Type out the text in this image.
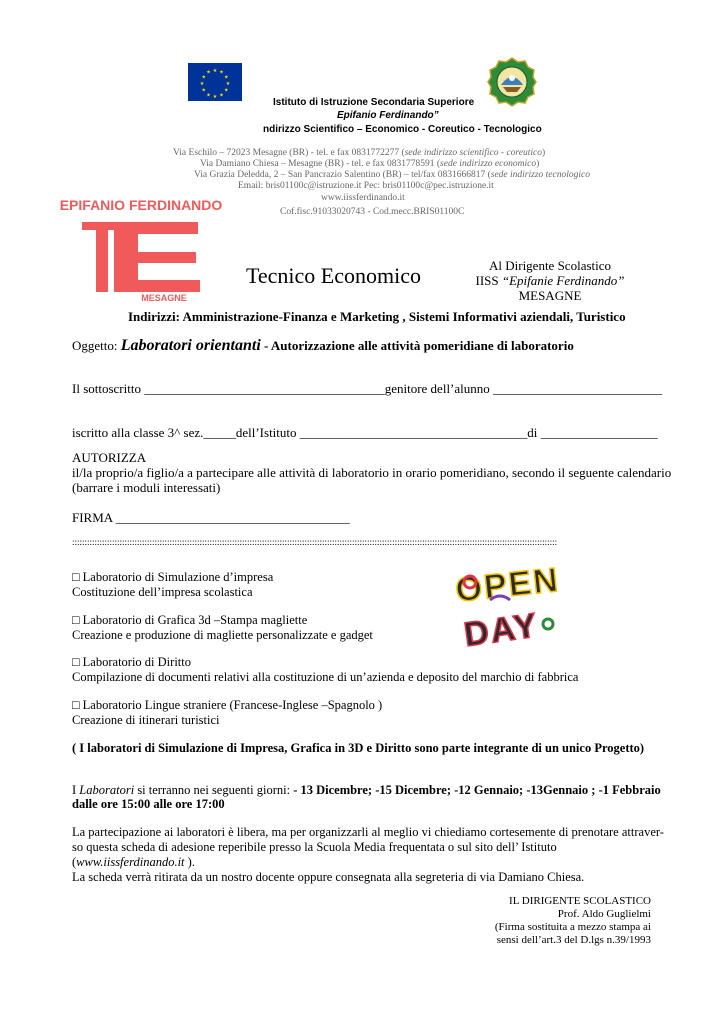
★ ★
★
★
★
★
★
★
★
★
★
★
Istituto di Istruzione Secondaria Superiore
Epifanio Ferdinando”
ndirizzo Scientifico – Economico - Coreutico - Tecnologico
Via Eschilo – 72023 Mesagne (BR) - tel. e fax 0831772277 (sede indirizzo scientifico - coreutico)
Via Damiano Chiesa – Mesagne (BR) - tel. e fax 0831778591 (sede indirizzo economico)
Via Grazia Deledda, 2 – San Pancrazio Salentino (BR) – tel/fax 0831666817 (sede indirizzo tecnologico
Email: bris01100c@istruzione.it Pec: bris01100c@pec.istruzione.it
www.iissferdinando.it
Cof.fisc.91033020743 - Cod.mecc.BRIS01100C
EPIFANIO FERDINANDO
MESAGNE
Tecnico Economico	Al Dirigente Scolastico
IISS “Epifanie Ferdinando”
MESAGNE
Indirizzi: Amministrazione-Finanza e Marketing , Sistemi Informativi aziendali, Turistico
Oggetto: Laboratori orientanti - Autorizzazione alle attività pomeridiane di laboratorio
Il sottoscritto _____________________________________genitore dell’alunno __________________________
iscritto alla classe 3^ sez._____dell’Istituto ___________________________________di __________________
AUTORIZZA
il/la proprio/a figlio/a a partecipare alle attività di laboratorio in orario pomeridiano, secondo il seguente calendario
(barrare i moduli interessati)
FIRMA ____________________________________
::::::::::::::::::::::::::::::::::::::::::::::::::::::::::::::::::::::::::::::::::::::::::::::::::::::::::::::::::::::::::::::::::::::::::::::::::::::::::::::::::::::::::::::::::::::::::::::::::
□ Laboratorio di Simulazione d’impresa
Costituzione dell’impresa scolastica
□ Laboratorio di Grafica 3d –Stampa magliette
Creazione e produzione di magliette personalizzate e gadget
□ Laboratorio di Diritto
Compilazione di documenti relativi alla costituzione di un’azienda e deposito del marchio di fabbrica
□ Laboratorio Lingue straniere (Francese-Inglese –Spagnolo )
Creazione di itinerari turistici
OPEN
DAY
( I laboratori di Simulazione di Impresa, Grafica in 3D e Diritto sono parte integrante di un unico Progetto)
I Laboratori si terranno nei seguenti giorni: - 13 Dicembre; -15 Dicembre; -12 Gennaio; -13Gennaio ; -1 Febbraio
dalle ore 15:00 alle ore 17:00
La partecipazione ai laboratori è libera, ma per organizzarli al meglio vi chiediamo cortesemente di prenotare attraver-
so questa scheda di adesione reperibile presso la Scuola Media frequentata o sul sito dell’ Istituto
(www.iissferdinando.it ).
La scheda verrà ritirata da un nostro docente oppure consegnata alla segreteria di via Damiano Chiesa.
IL DIRIGENTE SCOLASTICO
Prof. Aldo Guglielmi
(Firma sostituita a mezzo stampa ai
sensi dell’art.3 del D.lgs n.39/1993
